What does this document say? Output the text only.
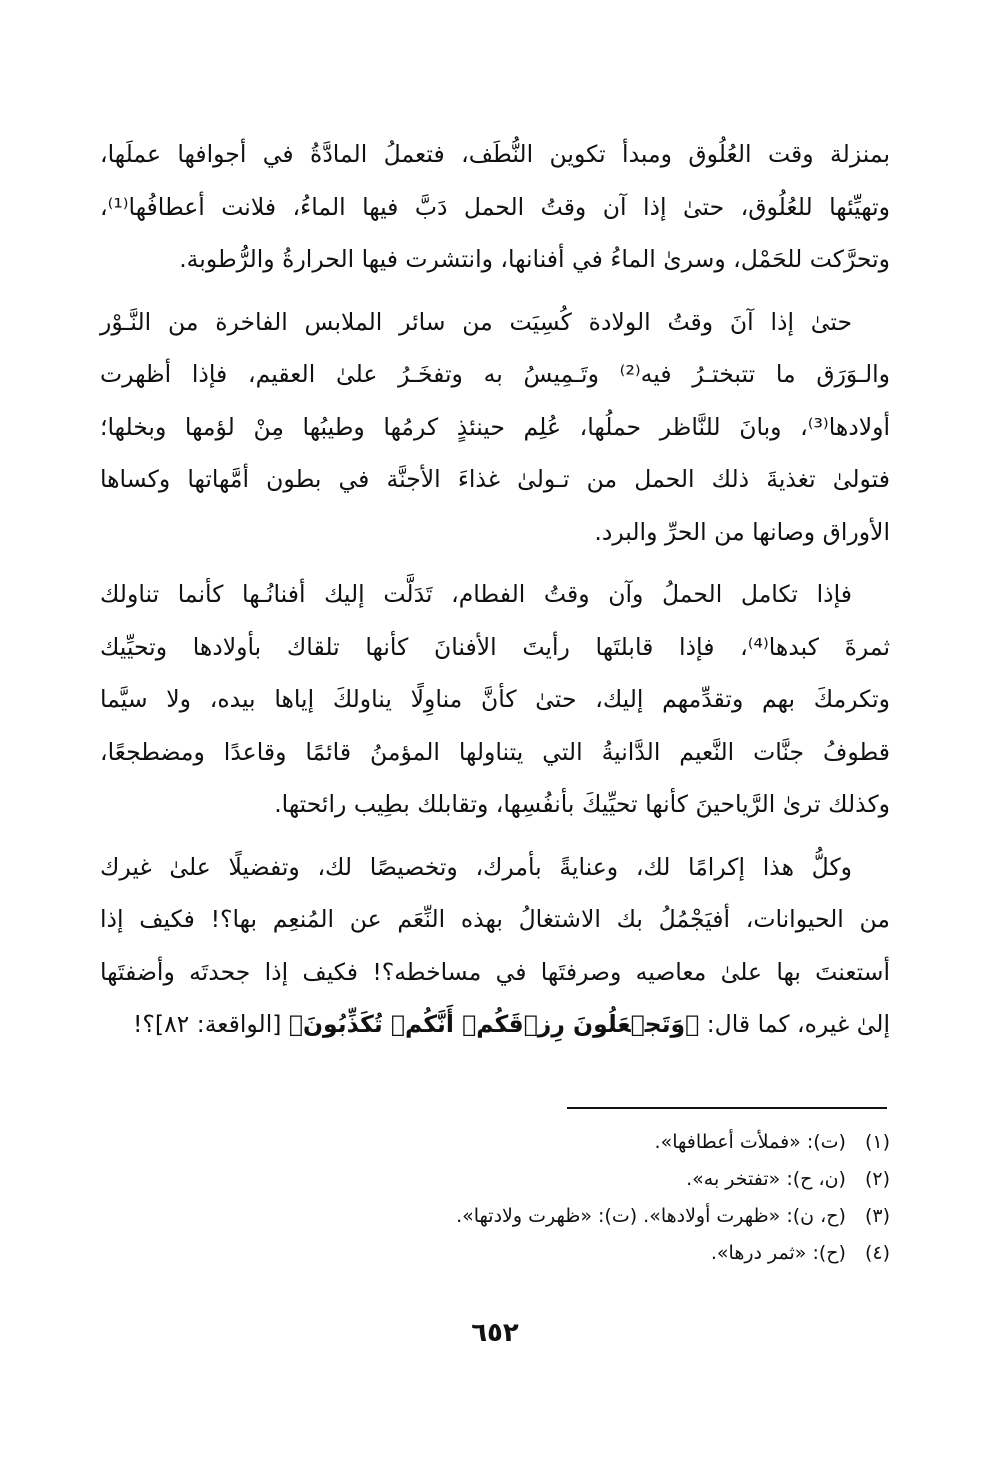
بمنزلة وقت العُلُوق ومبدأ تكوين النُّطَف، فتعملُ المادَّةُ في أجوافها عملَها،
وتهيِّئها للعُلُوق، حتىٰ إذا آن وقتُ الحمل دَبَّ فيها الماءُ، فلانت أعطافُها⁽¹⁾،
وتحرَّكت للحَمْل، وسرىٰ الماءُ في أفنانها، وانتشرت فيها الحرارةُ والرُّطوبة.

حتىٰ إذا آنَ وقتُ الولادة كُسِيَت من سائر الملابس الفاخرة من النَّـوْر
والـوَرَق ما تتبختـرُ فيه⁽²⁾ وتَـمِيسُ به وتفخَـرُ علىٰ العقيم، فإذا أظهرت
أولادها⁽³⁾، وبانَ للنَّاظر حملُها، عُلِم حينئذٍ كرمُها وطيبُها مِنْ لؤمها وبخلها؛
فتولىٰ تغذيةَ ذلك الحمل من تـولىٰ غذاءَ الأجنَّة في بطون أمَّهاتها وكساها
الأوراق وصانها من الحرِّ والبرد.

فإذا تكامل الحملُ وآن وقتُ الفطام، تَدَلَّت إليك أفنانُـها كأنما تناولك
ثمرةَ كبدها⁽⁴⁾، فإذا قابلتَها رأيتَ الأفنانَ كأنها تلقاك بأولادها وتحيِّيك
وتكرمكَ بهم وتقدِّمهم إليك، حتىٰ كأنَّ مناوِلًا يناولكَ إياها بيده، ولا سيَّما
قطوفُ جنَّات النَّعيم الدَّانيةُ التي يتناولها المؤمنُ قائمًا وقاعدًا ومضطجعًا،
وكذلك ترىٰ الرَّياحينَ كأنها تحيِّيكَ بأنفُسِها، وتقابلك بطِيب رائحتها.

وكلُّ هذا إكرامًا لك، وعنايةً بأمرك، وتخصيصًا لك، وتفضيلًا علىٰ غيرك
من الحيوانات، أفيَجْمُلُ بك الاشتغالُ بهذه النِّعَم عن المُنعِم بها؟! فكيف إذا
أستعنتَ بها علىٰ معاصيه وصرفتَها في مساخطه؟! فكيف إذا جحدتَه وأضفتَها
إلىٰ غيره، كما قال: ﴿وَتَجۡعَلُونَ رِزۡقَكُمۡ أَنَّكُمۡ تُكَذِّبُونَ﴾ [الواقعة: ٨٢]؟!

(١) (ت): «فملأت أعطافها».
(٢) (ن، ح): «تفتخر به».
(٣) (ح، ن): «ظهرت أولادها». (ت): «ظهرت ولادتها».
(٤) (ح): «ثمر درها».
٦٥٢
